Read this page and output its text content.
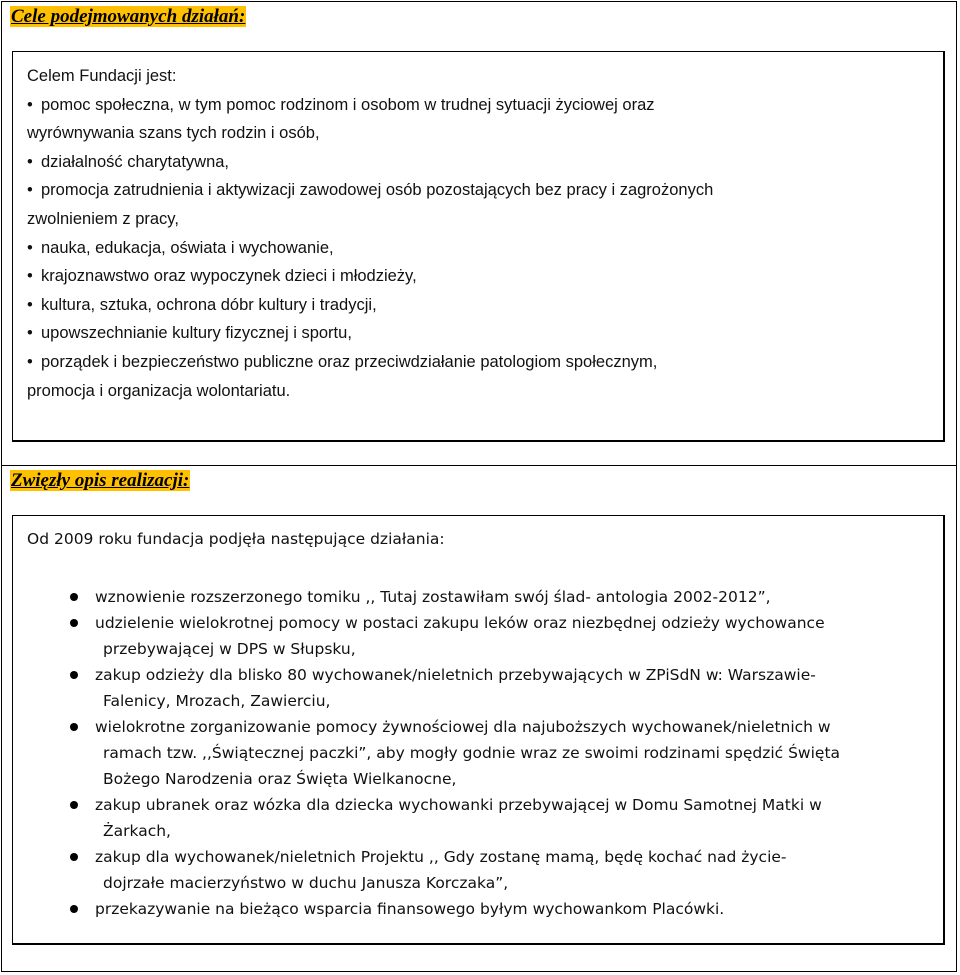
Cele podejmowanych działań:
Celem Fundacji jest:
• pomoc społeczna, w tym pomoc rodzinom i osobom w trudnej sytuacji życiowej oraz
wyrównywania szans tych rodzin i osób,
• działalność charytatywna,
• promocja zatrudnienia i aktywizacji zawodowej osób pozostających bez pracy i zagrożonych
zwolnieniem z pracy,
• nauka, edukacja, oświata i wychowanie,
• krajoznawstwo oraz wypoczynek dzieci i młodzieży,
• kultura, sztuka, ochrona dóbr kultury i tradycji,
• upowszechnianie kultury fizycznej i sportu,
• porządek i bezpieczeństwo publiczne oraz przeciwdziałanie patologiom społecznym,
promocja i organizacja wolontariatu.
Zwięzły opis realizacji:
Od 2009 roku fundacja podjęła następujące działania:
wznowienie rozszerzonego tomiku ,, Tutaj zostawiłam swój ślad- antologia 2002-2012”,
udzielenie wielokrotnej pomocy w postaci zakupu leków oraz niezbędnej odzieży wychowance
przebywającej w DPS w Słupsku,
zakup odzieży dla blisko 80 wychowanek/nieletnich przebywających w ZPiSdN w: Warszawie-
Falenicy, Mrozach, Zawierciu,
wielokrotne zorganizowanie pomocy żywnościowej dla najuboższych wychowanek/nieletnich w
ramach tzw. ,,Świątecznej paczki”, aby mogły godnie wraz ze swoimi rodzinami spędzić Święta
Bożego Narodzenia oraz Święta Wielkanocne,
zakup ubranek oraz wózka dla dziecka wychowanki przebywającej w Domu Samotnej Matki w
Żarkach,
zakup dla wychowanek/nieletnich Projektu ,, Gdy zostanę mamą, będę kochać nad życie-
dojrzałe macierzyństwo w duchu Janusza Korczaka”,
przekazywanie na bieżąco wsparcia finansowego byłym wychowankom Placówki.
